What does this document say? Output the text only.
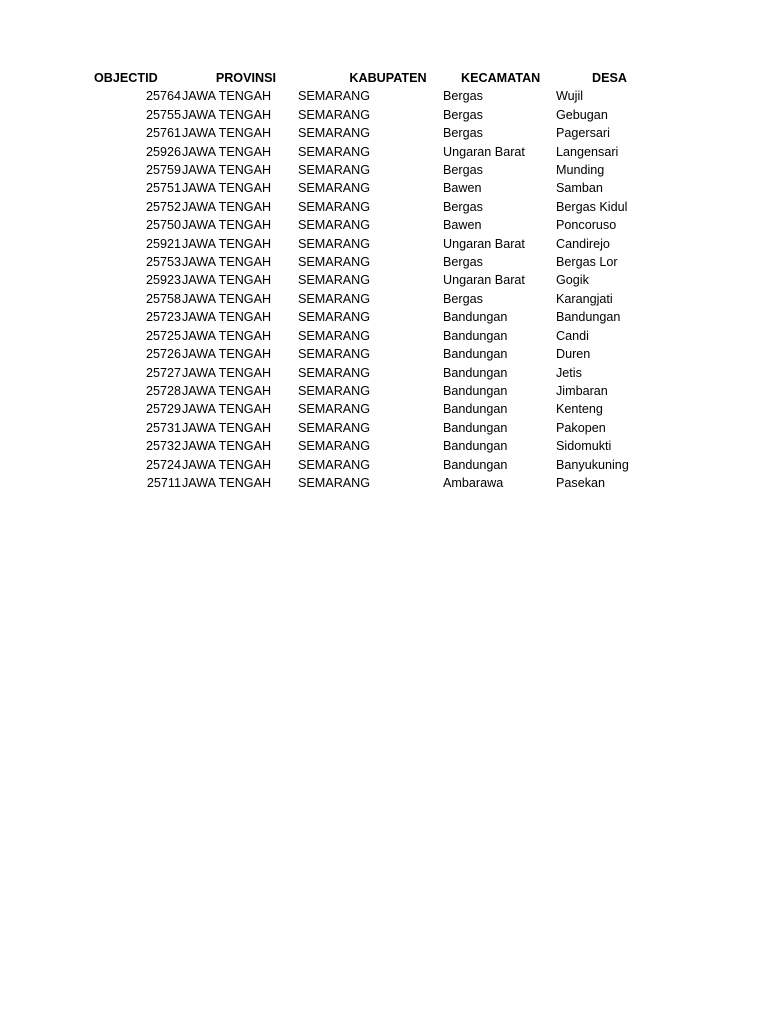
OBJECTID	PROVINSI	KABUPATEN	KECAMATAN	DESA
25764	JAWA TENGAH	SEMARANG	Bergas	Wujil
25755	JAWA TENGAH	SEMARANG	Bergas	Gebugan
25761	JAWA TENGAH	SEMARANG	Bergas	Pagersari
25926	JAWA TENGAH	SEMARANG	Ungaran Barat	Langensari
25759	JAWA TENGAH	SEMARANG	Bergas	Munding
25751	JAWA TENGAH	SEMARANG	Bawen	Samban
25752	JAWA TENGAH	SEMARANG	Bergas	Bergas Kidul
25750	JAWA TENGAH	SEMARANG	Bawen	Poncoruso
25921	JAWA TENGAH	SEMARANG	Ungaran Barat	Candirejo
25753	JAWA TENGAH	SEMARANG	Bergas	Bergas Lor
25923	JAWA TENGAH	SEMARANG	Ungaran Barat	Gogik
25758	JAWA TENGAH	SEMARANG	Bergas	Karangjati
25723	JAWA TENGAH	SEMARANG	Bandungan	Bandungan
25725	JAWA TENGAH	SEMARANG	Bandungan	Candi
25726	JAWA TENGAH	SEMARANG	Bandungan	Duren
25727	JAWA TENGAH	SEMARANG	Bandungan	Jetis
25728	JAWA TENGAH	SEMARANG	Bandungan	Jimbaran
25729	JAWA TENGAH	SEMARANG	Bandungan	Kenteng
25731	JAWA TENGAH	SEMARANG	Bandungan	Pakopen
25732	JAWA TENGAH	SEMARANG	Bandungan	Sidomukti
25724	JAWA TENGAH	SEMARANG	Bandungan	Banyukuning
25711	JAWA TENGAH	SEMARANG	Ambarawa	Pasekan
